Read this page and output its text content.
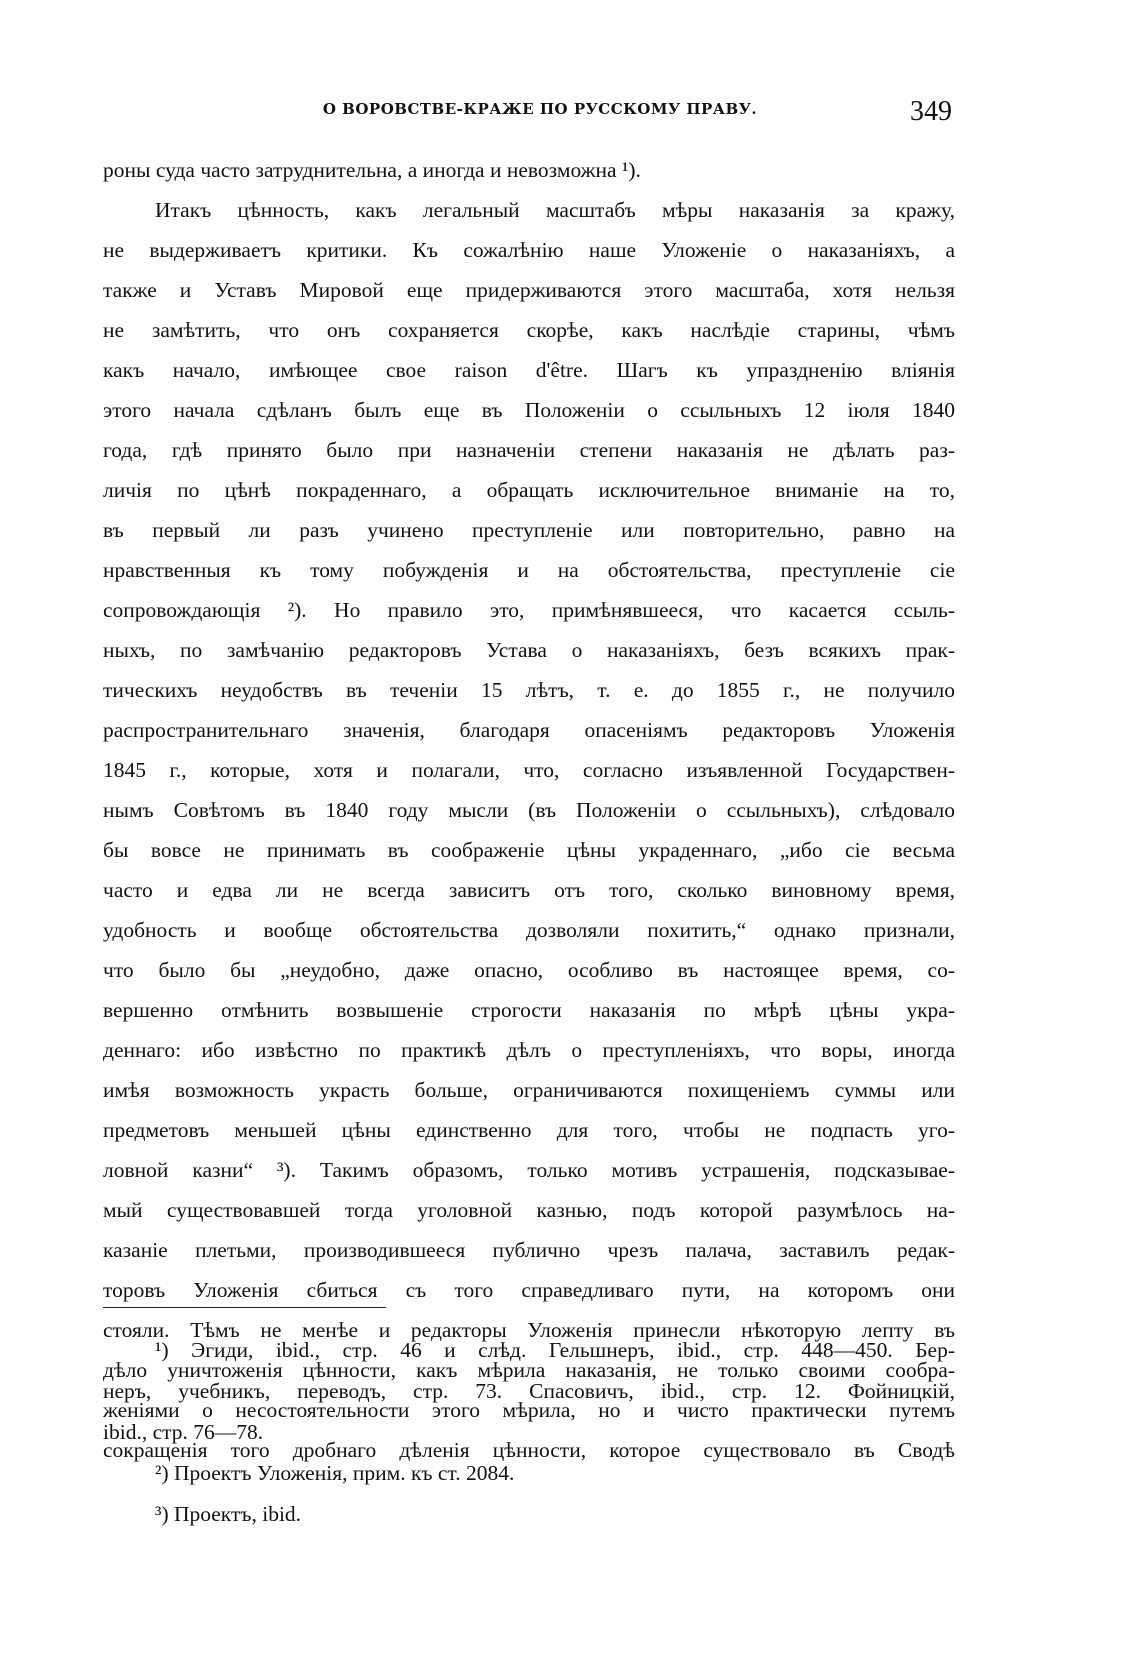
О ВОРОВСТВЕ-КРАЖЕ ПО РУССКОМУ ПРАВУ.	349
роны суда часто затруднительна, а иногда и невозможна ¹).
Итакъ цѣнность, какъ легальный масштабъ мѣры наказанія за кражу,
не выдерживаетъ критики. Къ сожалѣнію наше Уложеніе о наказаніяхъ, а
также и Уставъ Мировой еще придерживаются этого масштаба, хотя нельзя
не замѣтить, что онъ сохраняется скорѣе, какъ наслѣдіе старины, чѣмъ
какъ начало, имѣющее свое raison d'être. Шагъ къ упраздненію вліянія
этого начала сдѣланъ былъ еще въ Положеніи о ссыльныхъ 12 іюля 1840
года, гдѣ принято было при назначеніи степени наказанія не дѣлать раз-
личія по цѣнѣ покраденнаго, а обращать исключительное вниманіе на то,
въ первый ли разъ учинено преступленіе или повторительно, равно на
нравственныя къ тому побужденія и на обстоятельства, преступленіе сіе
сопровождающія ²). Но правило это, примѣнявшееся, что касается ссыль-
ныхъ, по замѣчанію редакторовъ Устава о наказаніяхъ, безъ всякихъ прак-
тическихъ неудобствъ въ теченіи 15 лѣтъ, т. е. до 1855 г., не получило
распространительнаго значенія, благодаря опасеніямъ редакторовъ Уложенія
1845 г., которые, хотя и полагали, что, согласно изъявленной Государствен-
нымъ Совѣтомъ въ 1840 году мысли (въ Положеніи о ссыльныхъ), слѣдовало
бы вовсе не принимать въ соображеніе цѣны украденнаго, „ибо сіе весьма
часто и едва ли не всегда зависитъ отъ того, сколько виновному время,
удобность и вообще обстоятельства дозволяли похитить,“ однако признали,
что было бы „неудобно, даже опасно, особливо въ настоящее время, со-
вершенно отмѣнить возвышеніе строгости наказанія по мѣрѣ цѣны укра-
деннаго: ибо извѣстно по практикѣ дѣлъ о преступленіяхъ, что воры, иногда
имѣя возможность украсть больше, ограничиваются похищеніемъ суммы или
предметовъ меньшей цѣны единственно для того, чтобы не подпасть уго-
ловной казни“ ³). Такимъ образомъ, только мотивъ устрашенія, подсказывае-
мый существовавшей тогда уголовной казнью, подъ которой разумѣлось на-
казаніе плетьми, производившееся публично чрезъ палача, заставилъ редак-
торовъ Уложенія сбиться съ того справедливаго пути, на которомъ они
стояли. Тѣмъ не менѣе и редакторы Уложенія принесли нѣкоторую лепту въ
дѣло уничтоженія цѣнности, какъ мѣрила наказанія, не только своими сообра-
женіями о несостоятельности этого мѣрила, но и чисто практически путемъ
сокращенія того дробнаго дѣленія цѣнности, которое существовало въ Сводѣ
¹) Эгиди, ibid., стр. 46 и слѣд. Гельшнеръ, ibid., стр. 448—450. Бер-
неръ, учебникъ, переводъ, стр. 73. Спасовичъ, ibid., стр. 12. Фойницкій,
ibid., стр. 76—78.
²) Проектъ Уложенія, прим. къ ст. 2084.
³) Проектъ, ibid.
